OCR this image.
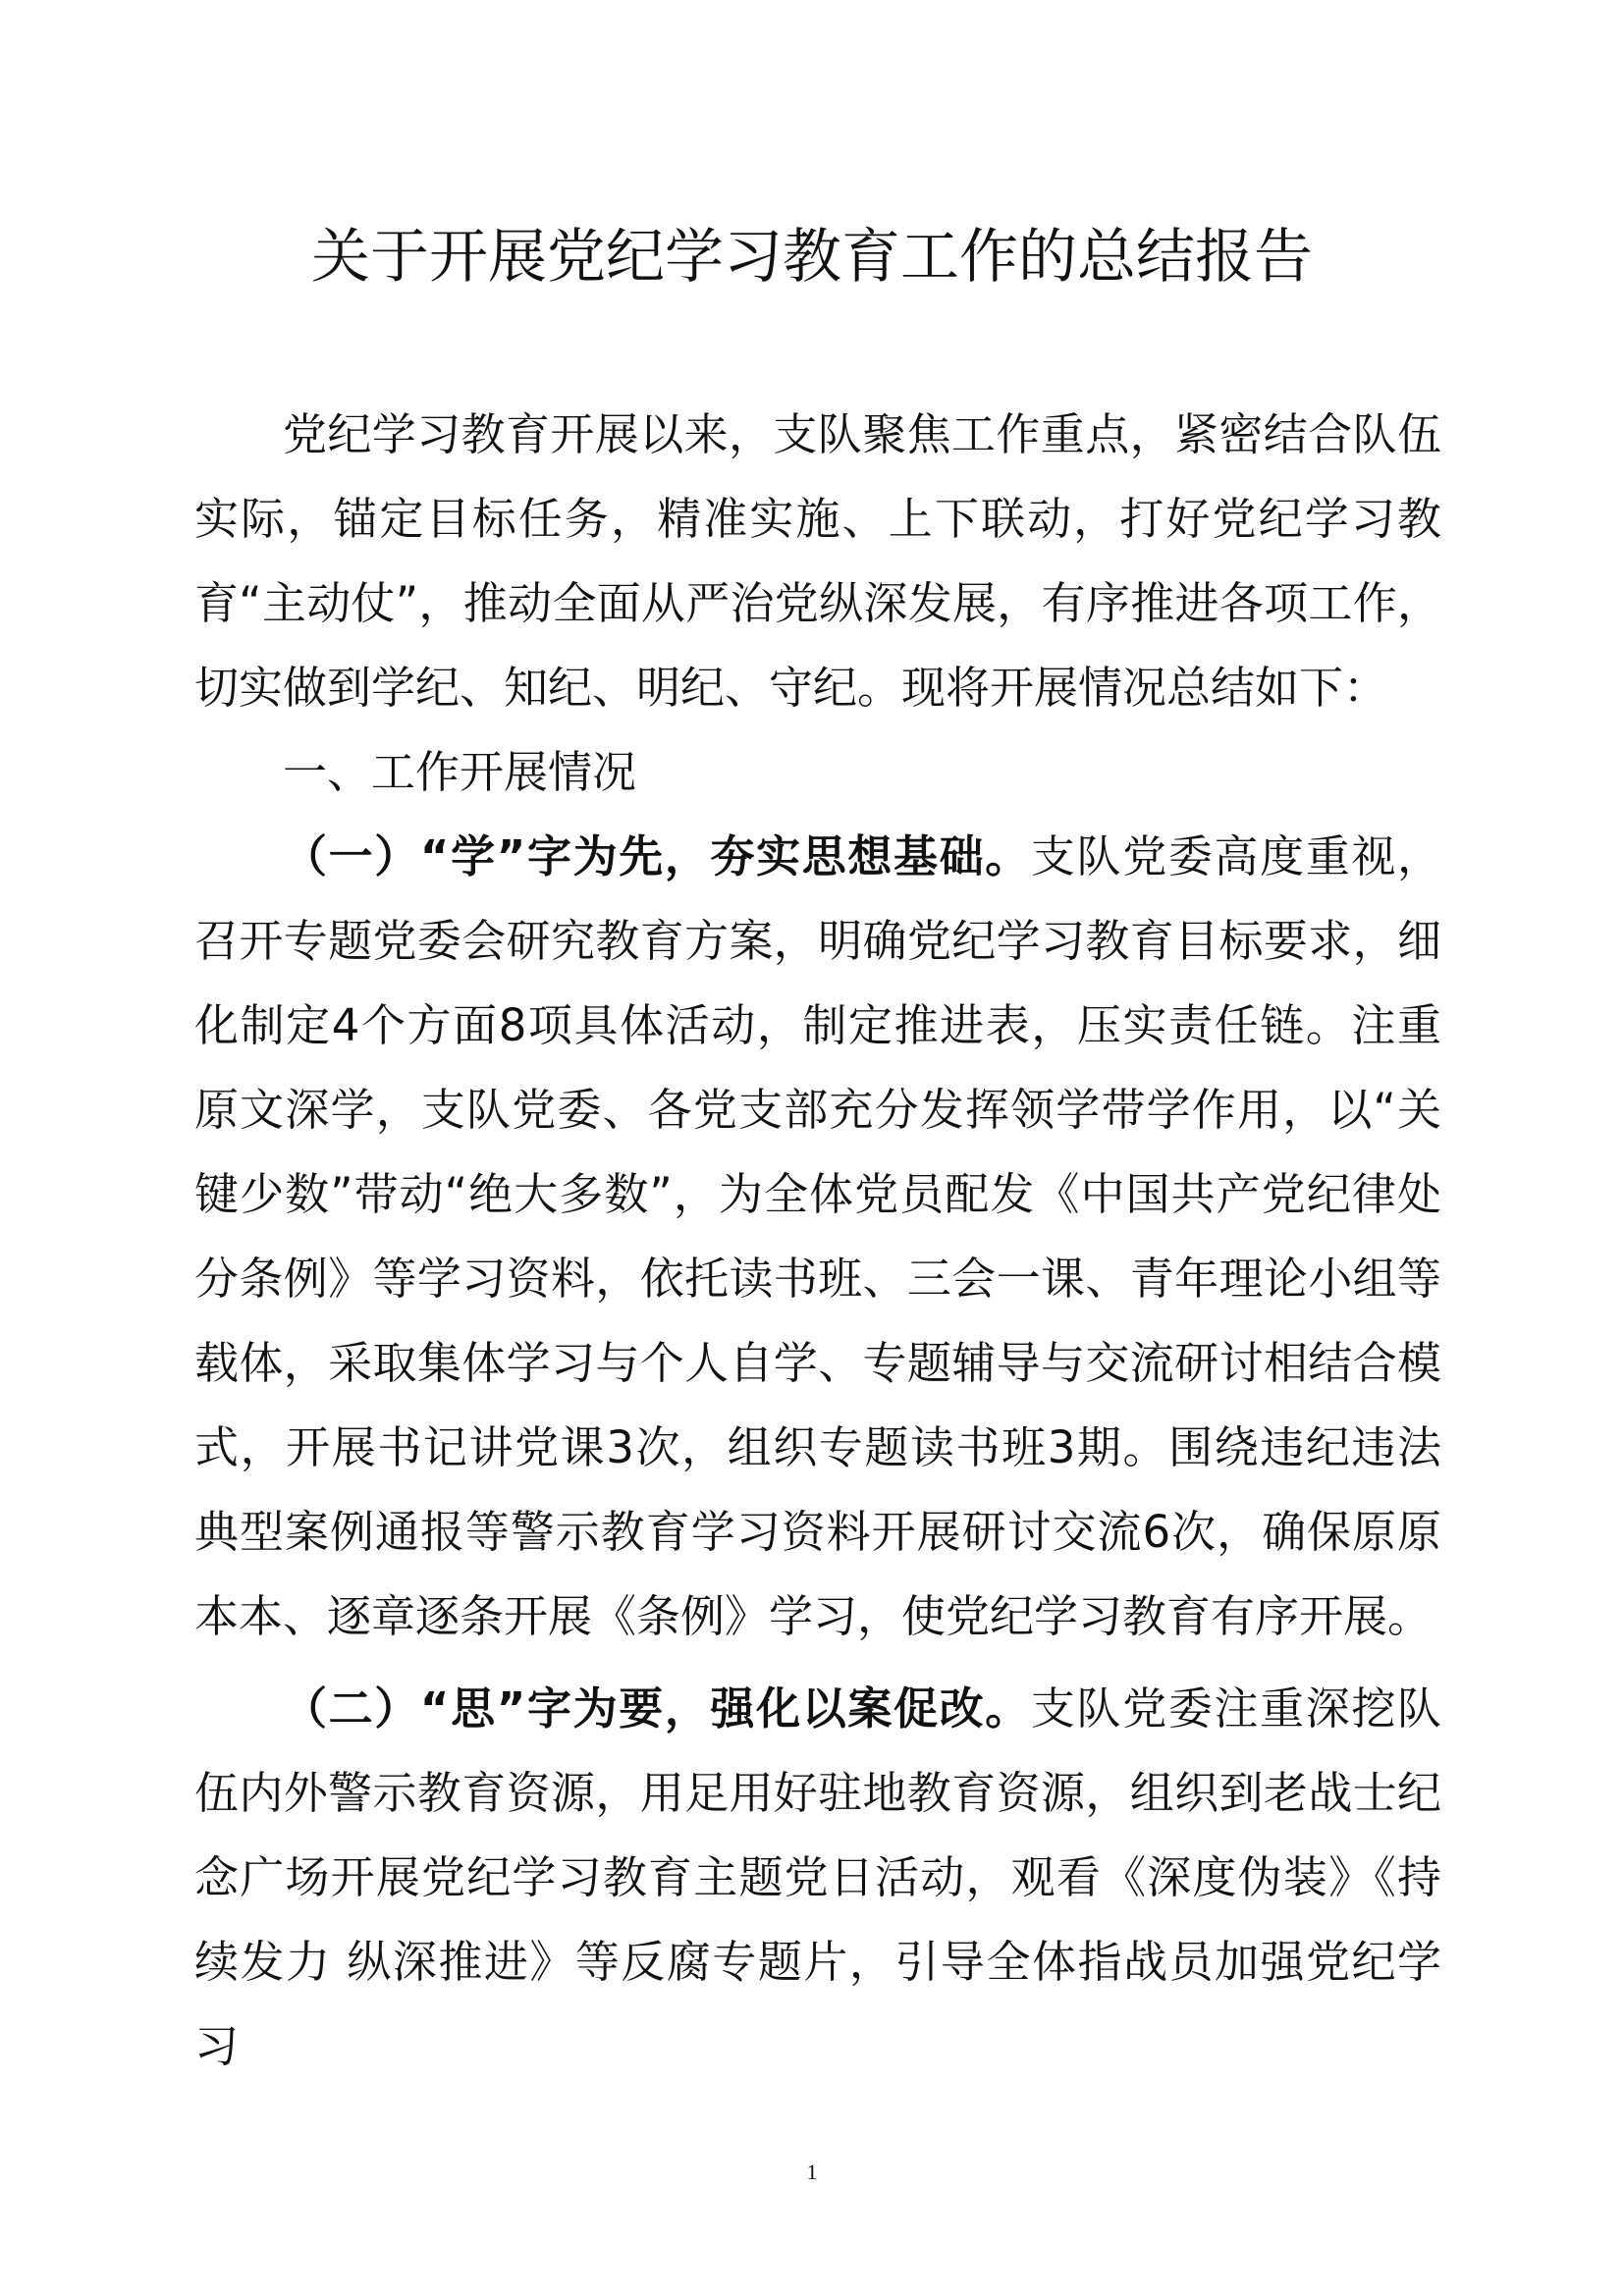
关于开展党纪学习教育工作的总结报告

党纪学习教育开展以来，支队聚焦工作重点，紧密结合队伍实际，锚定目标任务，精准实施、上下联动，打好党纪学习教育“主动仗”，推动全面从严治党纵深发展，有序推进各项工作，切实做到学纪、知纪、明纪、守纪。现将开展情况总结如下：

一、工作开展情况

（一）“学”字为先，夯实思想基础。支队党委高度重视，召开专题党委会研究教育方案，明确党纪学习教育目标要求，细化制定4个方面8项具体活动，制定推进表，压实责任链。注重原文深学，支队党委、各党支部充分发挥领学带学作用，以“关键少数”带动“绝大多数”，为全体党员配发《中国共产党纪律处分条例》等学习资料，依托读书班、三会一课、青年理论小组等载体，采取集体学习与个人自学、专题辅导与交流研讨相结合模式，开展书记讲党课3次，组织专题读书班3期。围绕违纪违法典型案例通报等警示教育学习资料开展研讨交流6次，确保原原本本、逐章逐条开展《条例》学习，使党纪学习教育有序开展。

（二）“思”字为要，强化以案促改。支队党委注重深挖队伍内外警示教育资源，用足用好驻地教育资源，组织到老战士纪念广场开展党纪学习教育主题党日活动，观看《深度伪装》《持续发力 纵深推进》等反腐专题片，引导全体指战员加强党纪学习

1
